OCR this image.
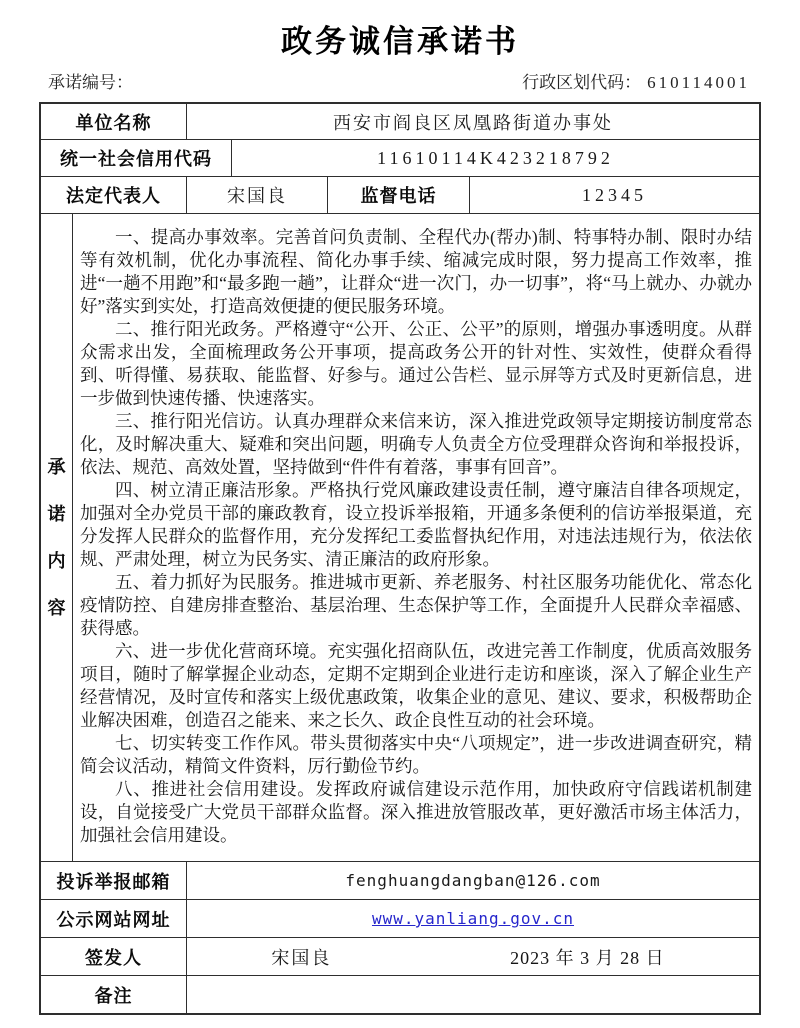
政务诚信承诺书
承诺编号：	行政区划代码： 610114001
单位名称	西安市阎良区凤凰路街道办事处
统一社会信用代码	11610114K423218792
法定代表人	宋国良	监督电话	12345
承诺内容

一、提高办事效率。完善首问负责制、全程代办(帮办)制、特事特办制、限时办结等有效机制，优化办事流程、简化办事手续、缩减完成时限，努力提高工作效率，推进“一趟不用跑”和“最多跑一趟”，让群众“进一次门，办一切事”，将“马上就办、办就办好”落实到实处，打造高效便捷的便民服务环境。

二、推行阳光政务。严格遵守“公开、公正、公平”的原则，增强办事透明度。从群众需求出发，全面梳理政务公开事项，提高政务公开的针对性、实效性，使群众看得到、听得懂、易获取、能监督、好参与。通过公告栏、显示屏等方式及时更新信息，进一步做到快速传播、快速落实。

三、推行阳光信访。认真办理群众来信来访，深入推进党政领导定期接访制度常态化，及时解决重大、疑难和突出问题，明确专人负责全方位受理群众咨询和举报投诉，依法、规范、高效处置，坚持做到“件件有着落，事事有回音”。

四、树立清正廉洁形象。严格执行党风廉政建设责任制，遵守廉洁自律各项规定，加强对全办党员干部的廉政教育，设立投诉举报箱，开通多条便利的信访举报渠道，充分发挥人民群众的监督作用，充分发挥纪工委监督执纪作用，对违法违规行为，依法依规、严肃处理，树立为民务实、清正廉洁的政府形象。

五、着力抓好为民服务。推进城市更新、养老服务、村社区服务功能优化、常态化疫情防控、自建房排查整治、基层治理、生态保护等工作，全面提升人民群众幸福感、获得感。

六、进一步优化营商环境。充实强化招商队伍，改进完善工作制度，优质高效服务项目，随时了解掌握企业动态，定期不定期到企业进行走访和座谈，深入了解企业生产经营情况，及时宣传和落实上级优惠政策，收集企业的意见、建议、要求，积极帮助企业解决困难，创造召之能来、来之长久、政企良性互动的社会环境。

七、切实转变工作作风。带头贯彻落实中央“八项规定”，进一步改进调查研究，精简会议活动，精简文件资料，厉行勤俭节约。

八、推进社会信用建设。发挥政府诚信建设示范作用，加快政府守信践诺机制建设，自觉接受广大党员干部群众监督。深入推进放管服改革，更好激活市场主体活力，加强社会信用建设。

投诉举报邮箱	fenghuangdangban@126.com
公示网站网址	www.yanliang.gov.cn
签发人	宋国良	2023 年 3 月 28 日
备注
